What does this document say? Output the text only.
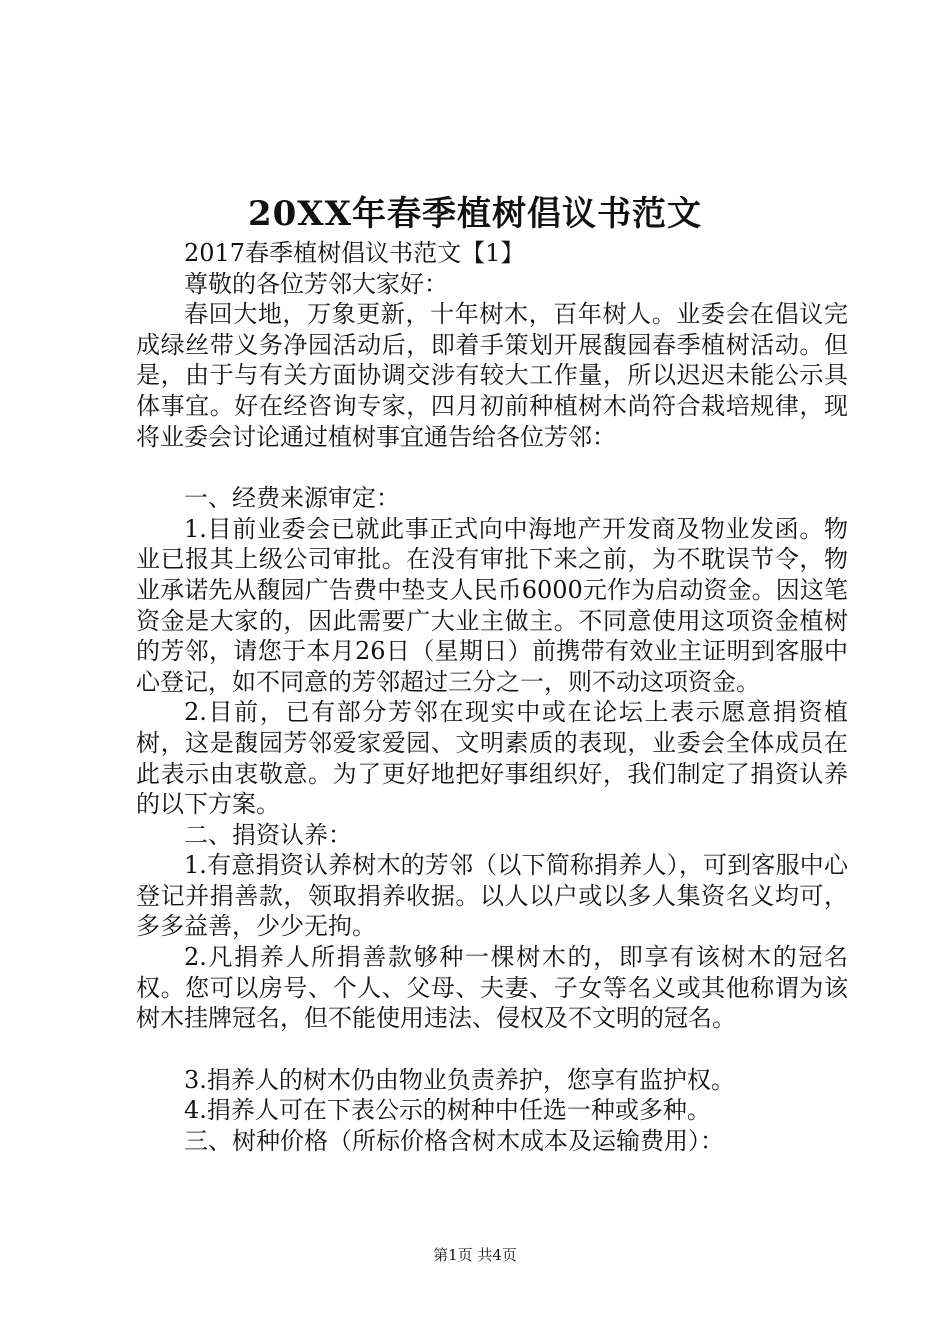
20XX年春季植树倡议书范文

2017春季植树倡议书范文【1】

尊敬的各位芳邻大家好：

春回大地，万象更新，十年树木，百年树人。业委会在倡议完成绿丝带义务净园活动后，即着手策划开展馥园春季植树活动。但是，由于与有关方面协调交涉有较大工作量，所以迟迟未能公示具体事宜。好在经咨询专家，四月初前种植树木尚符合栽培规律，现将业委会讨论通过植树事宜通告给各位芳邻：

一、经费来源审定：

1.目前业委会已就此事正式向中海地产开发商及物业发函。物业已报其上级公司审批。在没有审批下来之前，为不耽误节令，物业承诺先从馥园广告费中垫支人民币6000元作为启动资金。因这笔资金是大家的，因此需要广大业主做主。不同意使用这项资金植树的芳邻，请您于本月26日（星期日）前携带有效业主证明到客服中心登记，如不同意的芳邻超过三分之一，则不动这项资金。

2.目前，已有部分芳邻在现实中或在论坛上表示愿意捐资植树，这是馥园芳邻爱家爱园、文明素质的表现，业委会全体成员在此表示由衷敬意。为了更好地把好事组织好，我们制定了捐资认养的以下方案。

二、捐资认养：

1.有意捐资认养树木的芳邻（以下简称捐养人），可到客服中心登记并捐善款，领取捐养收据。以人以户或以多人集资名义均可，多多益善，少少无拘。

2.凡捐养人所捐善款够种一棵树木的，即享有该树木的冠名权。您可以房号、个人、父母、夫妻、子女等名义或其他称谓为该树木挂牌冠名，但不能使用违法、侵权及不文明的冠名。

3.捐养人的树木仍由物业负责养护，您享有监护权。

4.捐养人可在下表公示的树种中任选一种或多种。

三、树种价格（所标价格含树木成本及运输费用）：

第1页 共4页
